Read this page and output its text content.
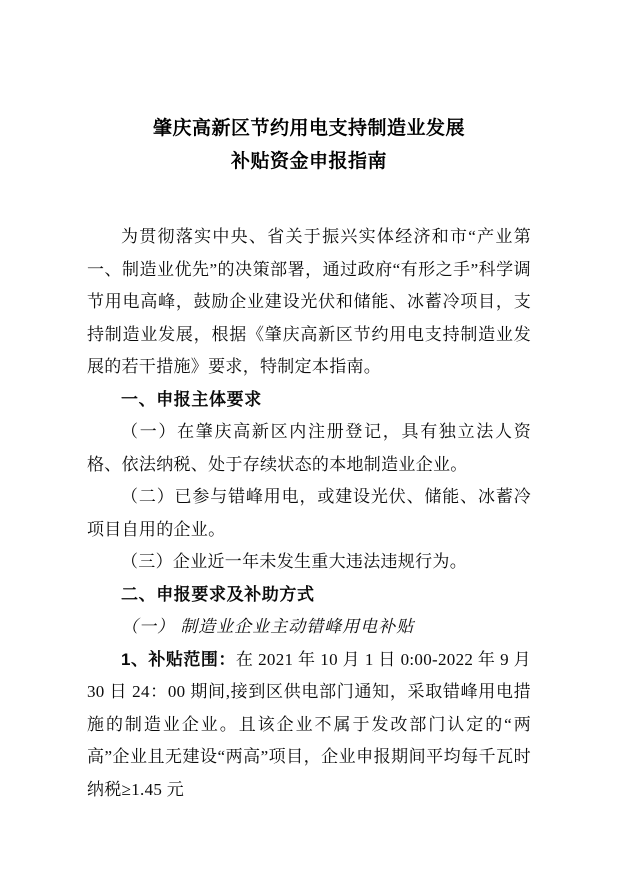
肇庆高新区节约用电支持制造业发展
补贴资金申报指南

为贯彻落实中央、省关于振兴实体经济和市“产业第一、制造业优先”的决策部署，通过政府“有形之手”科学调节用电高峰，鼓励企业建设光伏和储能、冰蓄冷项目，支持制造业发展，根据《肇庆高新区节约用电支持制造业发展的若干措施》要求，特制定本指南。

一、申报主体要求

（一）在肇庆高新区内注册登记，具有独立法人资格、依法纳税、处于存续状态的本地制造业企业。

（二）已参与错峰用电，或建设光伏、储能、冰蓄冷项目自用的企业。

（三）企业近一年未发生重大违法违规行为。

二、申报要求及补助方式

（一） 制造业企业主动错峰用电补贴

1、补贴范围：在 2021 年 10 月 1 日 0:00-2022 年 9 月 30 日 24：00 期间,接到区供电部门通知，采取错峰用电措施的制造业企业。且该企业不属于发改部门认定的“两高”企业且无建设“两高”项目，企业申报期间平均每千瓦时纳税≥1.45 元
